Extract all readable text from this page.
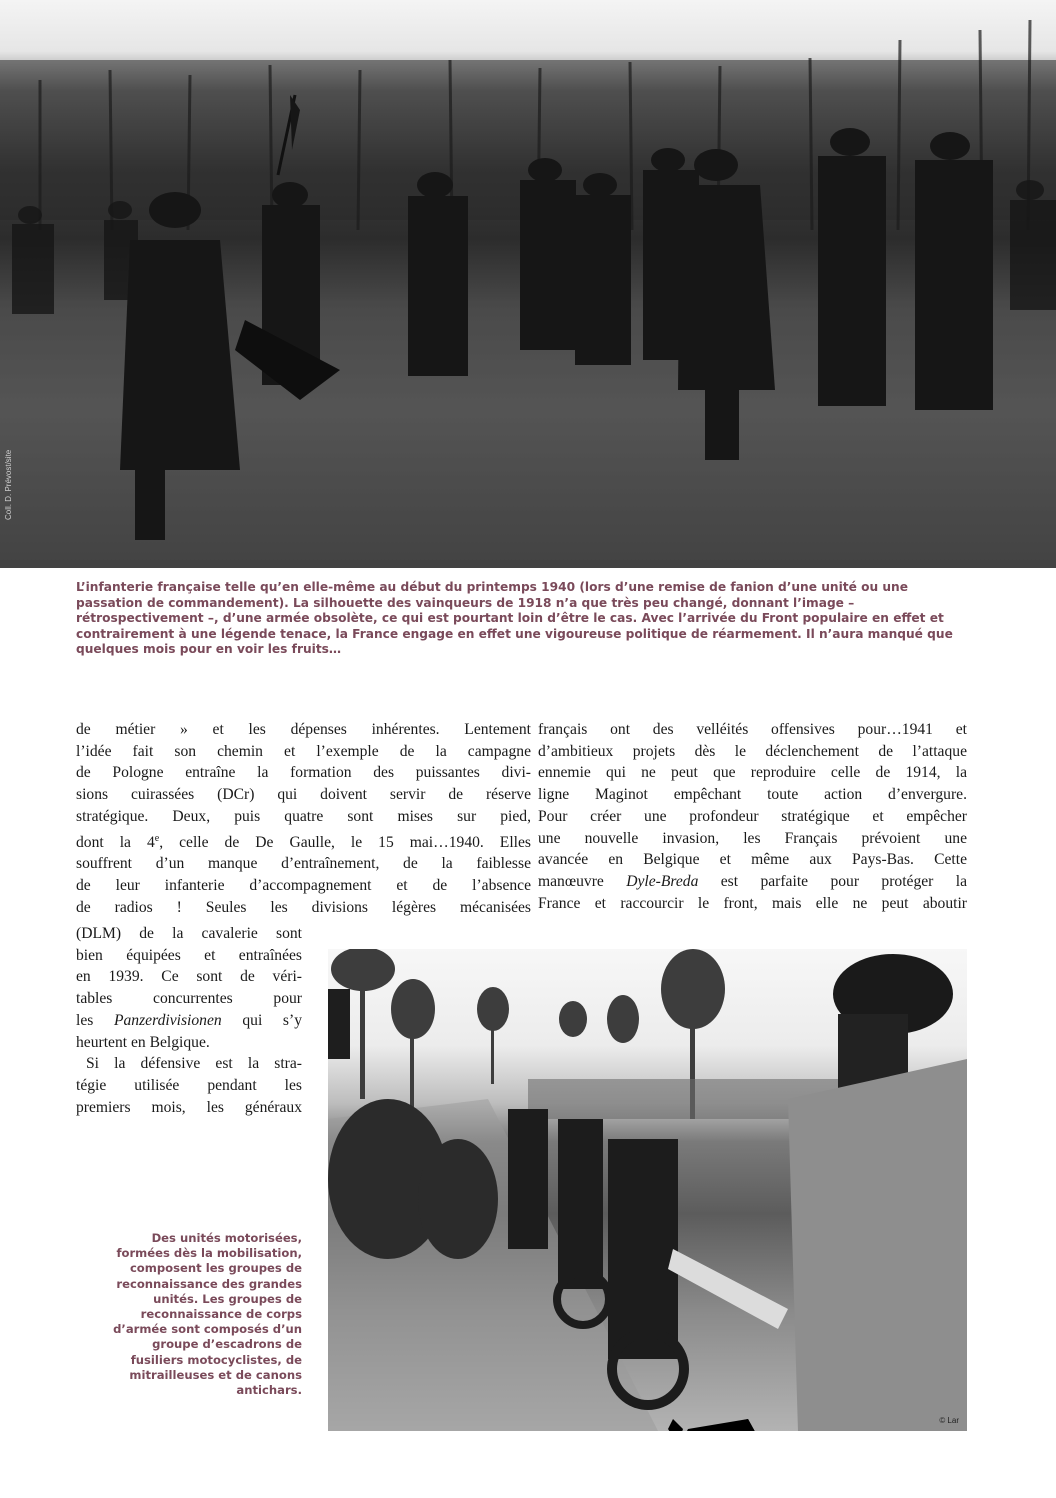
Coll. D. Prévost/site
L’infanterie française telle qu’en elle-même au début du printemps 1940 (lors d’une remise de fanion d’une unité ou une passation de commandement). La silhouette des vainqueurs de 1918 n’a que très peu changé, donnant l’image – rétrospectivement –, d’une armée obsolète, ce qui est pourtant loin d’être le cas. Avec l’arrivée du Front populaire en effet et contrairement à une légende tenace, la France engage en effet une vigoureuse politique de réarmement. Il n’aura manqué que quelques mois pour en voir les fruits…
de métier » et les dépenses inhérentes. Lentement
l’idée fait son chemin et l’exemple de la campagne
de Pologne entraîne la formation des puissantes divi-
sions cuirassées (DCr) qui doivent servir de réserve
stratégique. Deux, puis quatre sont mises sur pied,
dont la 4e, celle de De Gaulle, le 15 mai…1940. Elles
souffrent d’un manque d’entraînement, de la faiblesse
de leur infanterie d’accompagnement et de l’absence
de radios ! Seules les divisions légères mécanisées
(DLM) de la cavalerie sont
bien équipées et entraînées
en 1939. Ce sont de véri-
tables concurrentes pour
les Panzerdivisionen qui s’y
heurtent en Belgique.
Si la défensive est la stra-
tégie utilisée pendant les
premiers mois, les généraux
français ont des velléités offensives pour…1941 et
d’ambitieux projets dès le déclenchement de l’attaque
ennemie qui ne peut que reproduire celle de 1914, la
ligne Maginot empêchant toute action d’envergure.
Pour créer une profondeur stratégique et empêcher
une nouvelle invasion, les Français prévoient une
avancée en Belgique et même aux Pays-Bas. Cette
manœuvre Dyle-Breda est parfaite pour protéger la
France et raccourcir le front, mais elle ne peut aboutir
© Lar
Des unités motorisées, formées dès la mobilisation, composent les groupes de reconnaissance des grandes unités. Les groupes de reconnaissance de corps d’armée sont composés d’un groupe d’escadrons de fusiliers motocyclistes, de mitrailleuses et de canons antichars.
